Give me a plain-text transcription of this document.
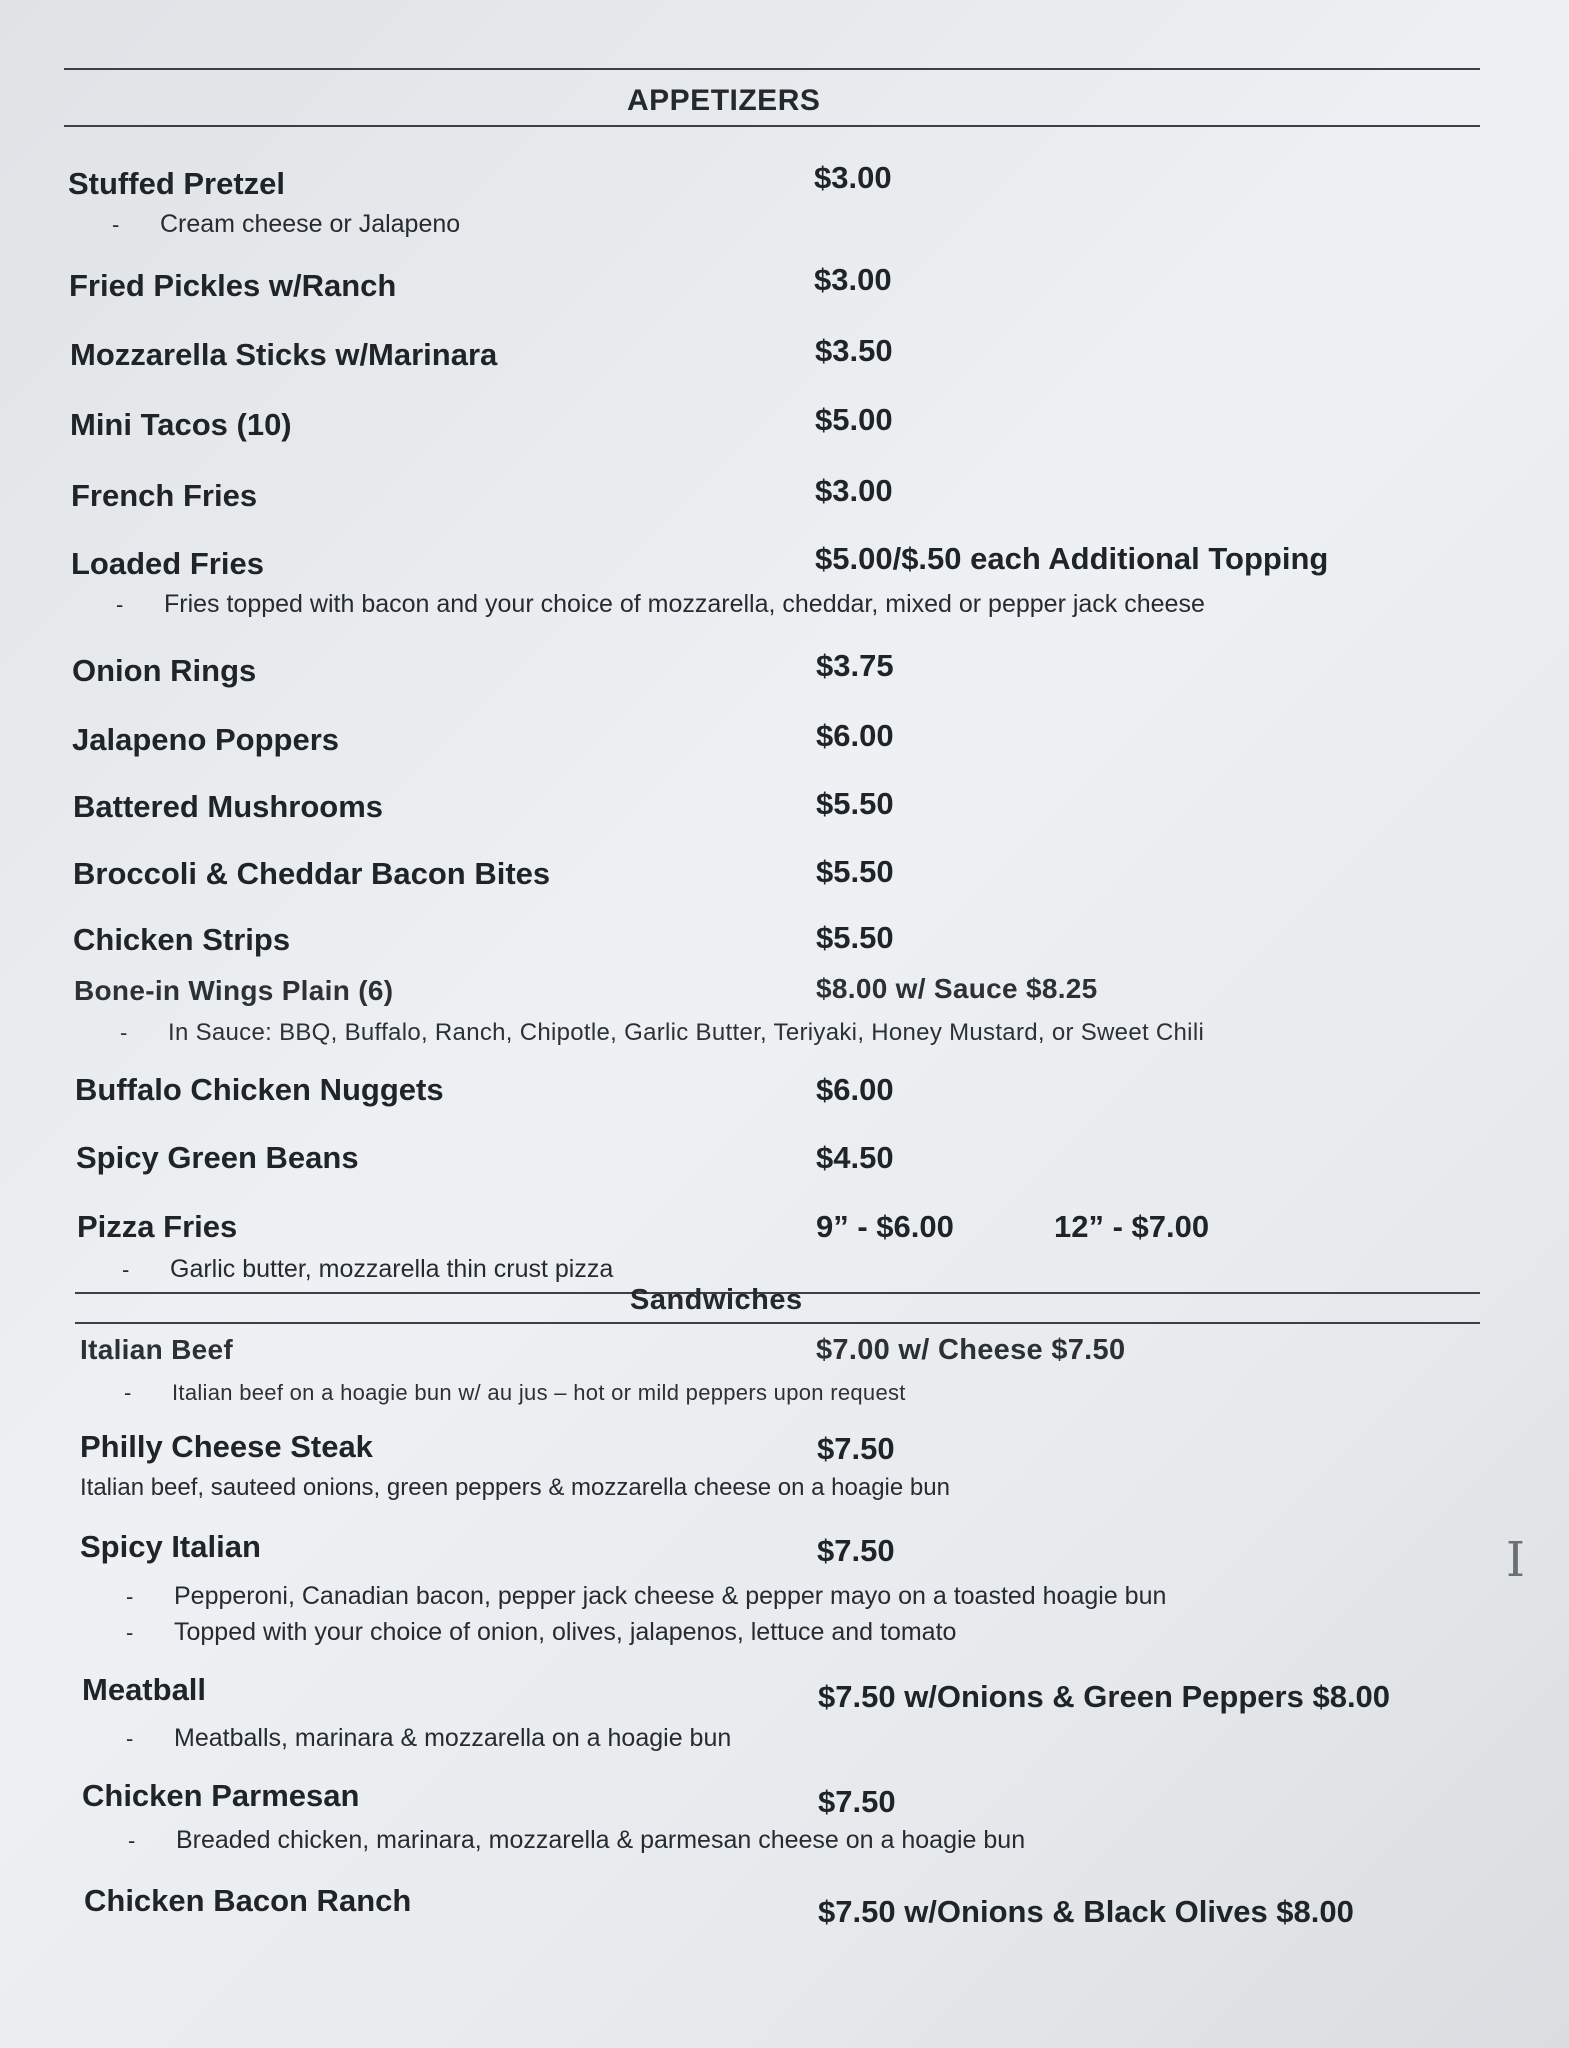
APPETIZERS
Stuffed Pretzel	$3.00
- Cream cheese or Jalapeno
Fried Pickles w/Ranch	$3.00
Mozzarella Sticks w/Marinara	$3.50
Mini Tacos (10)	$5.00
French Fries	$3.00
Loaded Fries	$5.00/$.50 each Additional Topping
- Fries topped with bacon and your choice of mozzarella, cheddar, mixed or pepper jack cheese
Onion Rings	$3.75
Jalapeno Poppers	$6.00
Battered Mushrooms	$5.50
Broccoli & Cheddar Bacon Bites	$5.50
Chicken Strips	$5.50
Bone-in Wings Plain (6)	$8.00 w/ Sauce $8.25
- In Sauce: BBQ, Buffalo, Ranch, Chipotle, Garlic Butter, Teriyaki, Honey Mustard, or Sweet Chili
Buffalo Chicken Nuggets	$6.00
Spicy Green Beans	$4.50
Pizza Fries	9” - $6.00	12” - $7.00
- Garlic butter, mozzarella thin crust pizza
Sandwiches
Italian Beef	$7.00 w/ Cheese $7.50
- Italian beef on a hoagie bun w/ au jus – hot or mild peppers upon request
Philly Cheese Steak	$7.50
Italian beef, sauteed onions, green peppers & mozzarella cheese on a hoagie bun
Spicy Italian	$7.50
- Pepperoni, Canadian bacon, pepper jack cheese & pepper mayo on a toasted hoagie bun
- Topped with your choice of onion, olives, jalapenos, lettuce and tomato
Meatball	$7.50 w/Onions & Green Peppers $8.00
- Meatballs, marinara & mozzarella on a hoagie bun
Chicken Parmesan	$7.50
- Breaded chicken, marinara, mozzarella & parmesan cheese on a hoagie bun
Chicken Bacon Ranch	$7.50 w/Onions & Black Olives $8.00
I
